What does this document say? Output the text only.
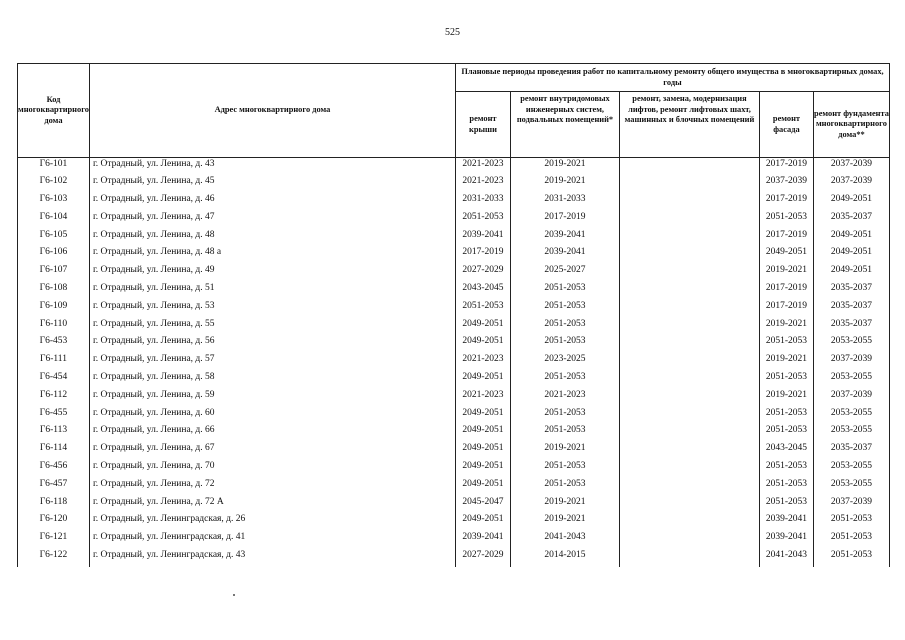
525
Код многоквартирного дома	Адрес многоквартирного дома	Плановые периоды проведения работ по капитальному ремонту общего имущества в многоквартирных домах, годы				
		ремонт крыши	ремонт внутридомовых инженерных систем, подвальных помещений*	ремонт, замена, модернизация лифтов, ремонт лифтовых шахт, машинных и блочных помещений	ремонт фасада	ремонт фундамента многоквартирного дома**
Г6-101	г. Отрадный, ул. Ленина, д. 43	2021-2023	2019-2021		2017-2019	2037-2039
Г6-102	г. Отрадный, ул. Ленина, д. 45	2021-2023	2019-2021		2037-2039	2037-2039
Г6-103	г. Отрадный, ул. Ленина, д. 46	2031-2033	2031-2033		2017-2019	2049-2051
Г6-104	г. Отрадный, ул. Ленина, д. 47	2051-2053	2017-2019		2051-2053	2035-2037
Г6-105	г. Отрадный, ул. Ленина, д. 48	2039-2041	2039-2041		2017-2019	2049-2051
Г6-106	г. Отрадный, ул. Ленина, д. 48 а	2017-2019	2039-2041		2049-2051	2049-2051
Г6-107	г. Отрадный, ул. Ленина, д. 49	2027-2029	2025-2027		2019-2021	2049-2051
Г6-108	г. Отрадный, ул. Ленина, д. 51	2043-2045	2051-2053		2017-2019	2035-2037
Г6-109	г. Отрадный, ул. Ленина, д. 53	2051-2053	2051-2053		2017-2019	2035-2037
Г6-110	г. Отрадный, ул. Ленина, д. 55	2049-2051	2051-2053		2019-2021	2035-2037
Г6-453	г. Отрадный, ул. Ленина, д. 56	2049-2051	2051-2053		2051-2053	2053-2055
Г6-111	г. Отрадный, ул. Ленина, д. 57	2021-2023	2023-2025		2019-2021	2037-2039
Г6-454	г. Отрадный, ул. Ленина, д. 58	2049-2051	2051-2053		2051-2053	2053-2055
Г6-112	г. Отрадный, ул. Ленина, д. 59	2021-2023	2021-2023		2019-2021	2037-2039
Г6-455	г. Отрадный, ул. Ленина, д. 60	2049-2051	2051-2053		2051-2053	2053-2055
Г6-113	г. Отрадный, ул. Ленина, д. 66	2049-2051	2051-2053		2051-2053	2053-2055
Г6-114	г. Отрадный, ул. Ленина, д. 67	2049-2051	2019-2021		2043-2045	2035-2037
Г6-456	г. Отрадный, ул. Ленина, д. 70	2049-2051	2051-2053		2051-2053	2053-2055
Г6-457	г. Отрадный, ул. Ленина, д. 72	2049-2051	2051-2053		2051-2053	2053-2055
Г6-118	г. Отрадный, ул. Ленина, д. 72 А	2045-2047	2019-2021		2051-2053	2037-2039
Г6-120	г. Отрадный, ул. Ленинградская, д. 26	2049-2051	2019-2021		2039-2041	2051-2053
Г6-121	г. Отрадный, ул. Ленинградская, д. 41	2039-2041	2041-2043		2039-2041	2051-2053
Г6-122	г. Отрадный, ул. Ленинградская, д. 43	2027-2029	2014-2015		2041-2043	2051-2053
